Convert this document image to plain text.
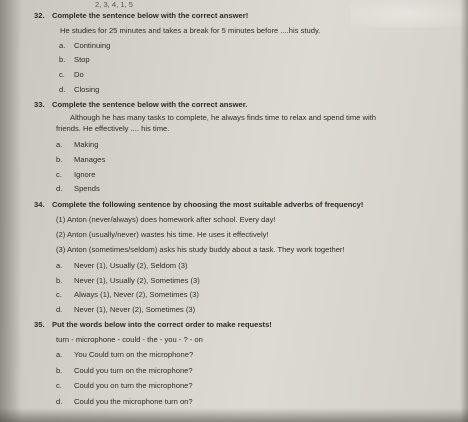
2, 3, 4, 1, 5
32. Complete the sentence below with the correct answer!
He studies for 25 minutes and takes a break for 5 minutes before ....his study.
a. Continuing
b. Stop
c. Do
d. Closing
33. Complete the sentence below with the correct answer.
Although he has many tasks to complete, he always finds time to relax and spend time with
friends. He effectively .... his time.
a. Making
b. Manages
c. Ignore
d. Spends
34. Complete the following sentence by choosing the most suitable adverbs of frequency!
(1) Anton (never/always) does homework after school. Every day!
(2) Anton (usually/never) wastes his time. He uses it effectively!
(3) Anton (sometimes/seldom) asks his study buddy about a task. They work together!
a. Never (1), Usually (2), Seldom (3)
b. Never (1), Usually (2), Sometimes (3)
c. Always (1), Never (2), Sometimes (3)
d. Never (1), Never (2), Sometimes (3)
35. Put the words below into the correct order to make requests!
turn - microphone - could - the - you - ? - on
a. You Could turn on the microphone?
b. Could you turn on the microphone?
c. Could you on turn the microphone?
d. Could you the microphone turn on?
